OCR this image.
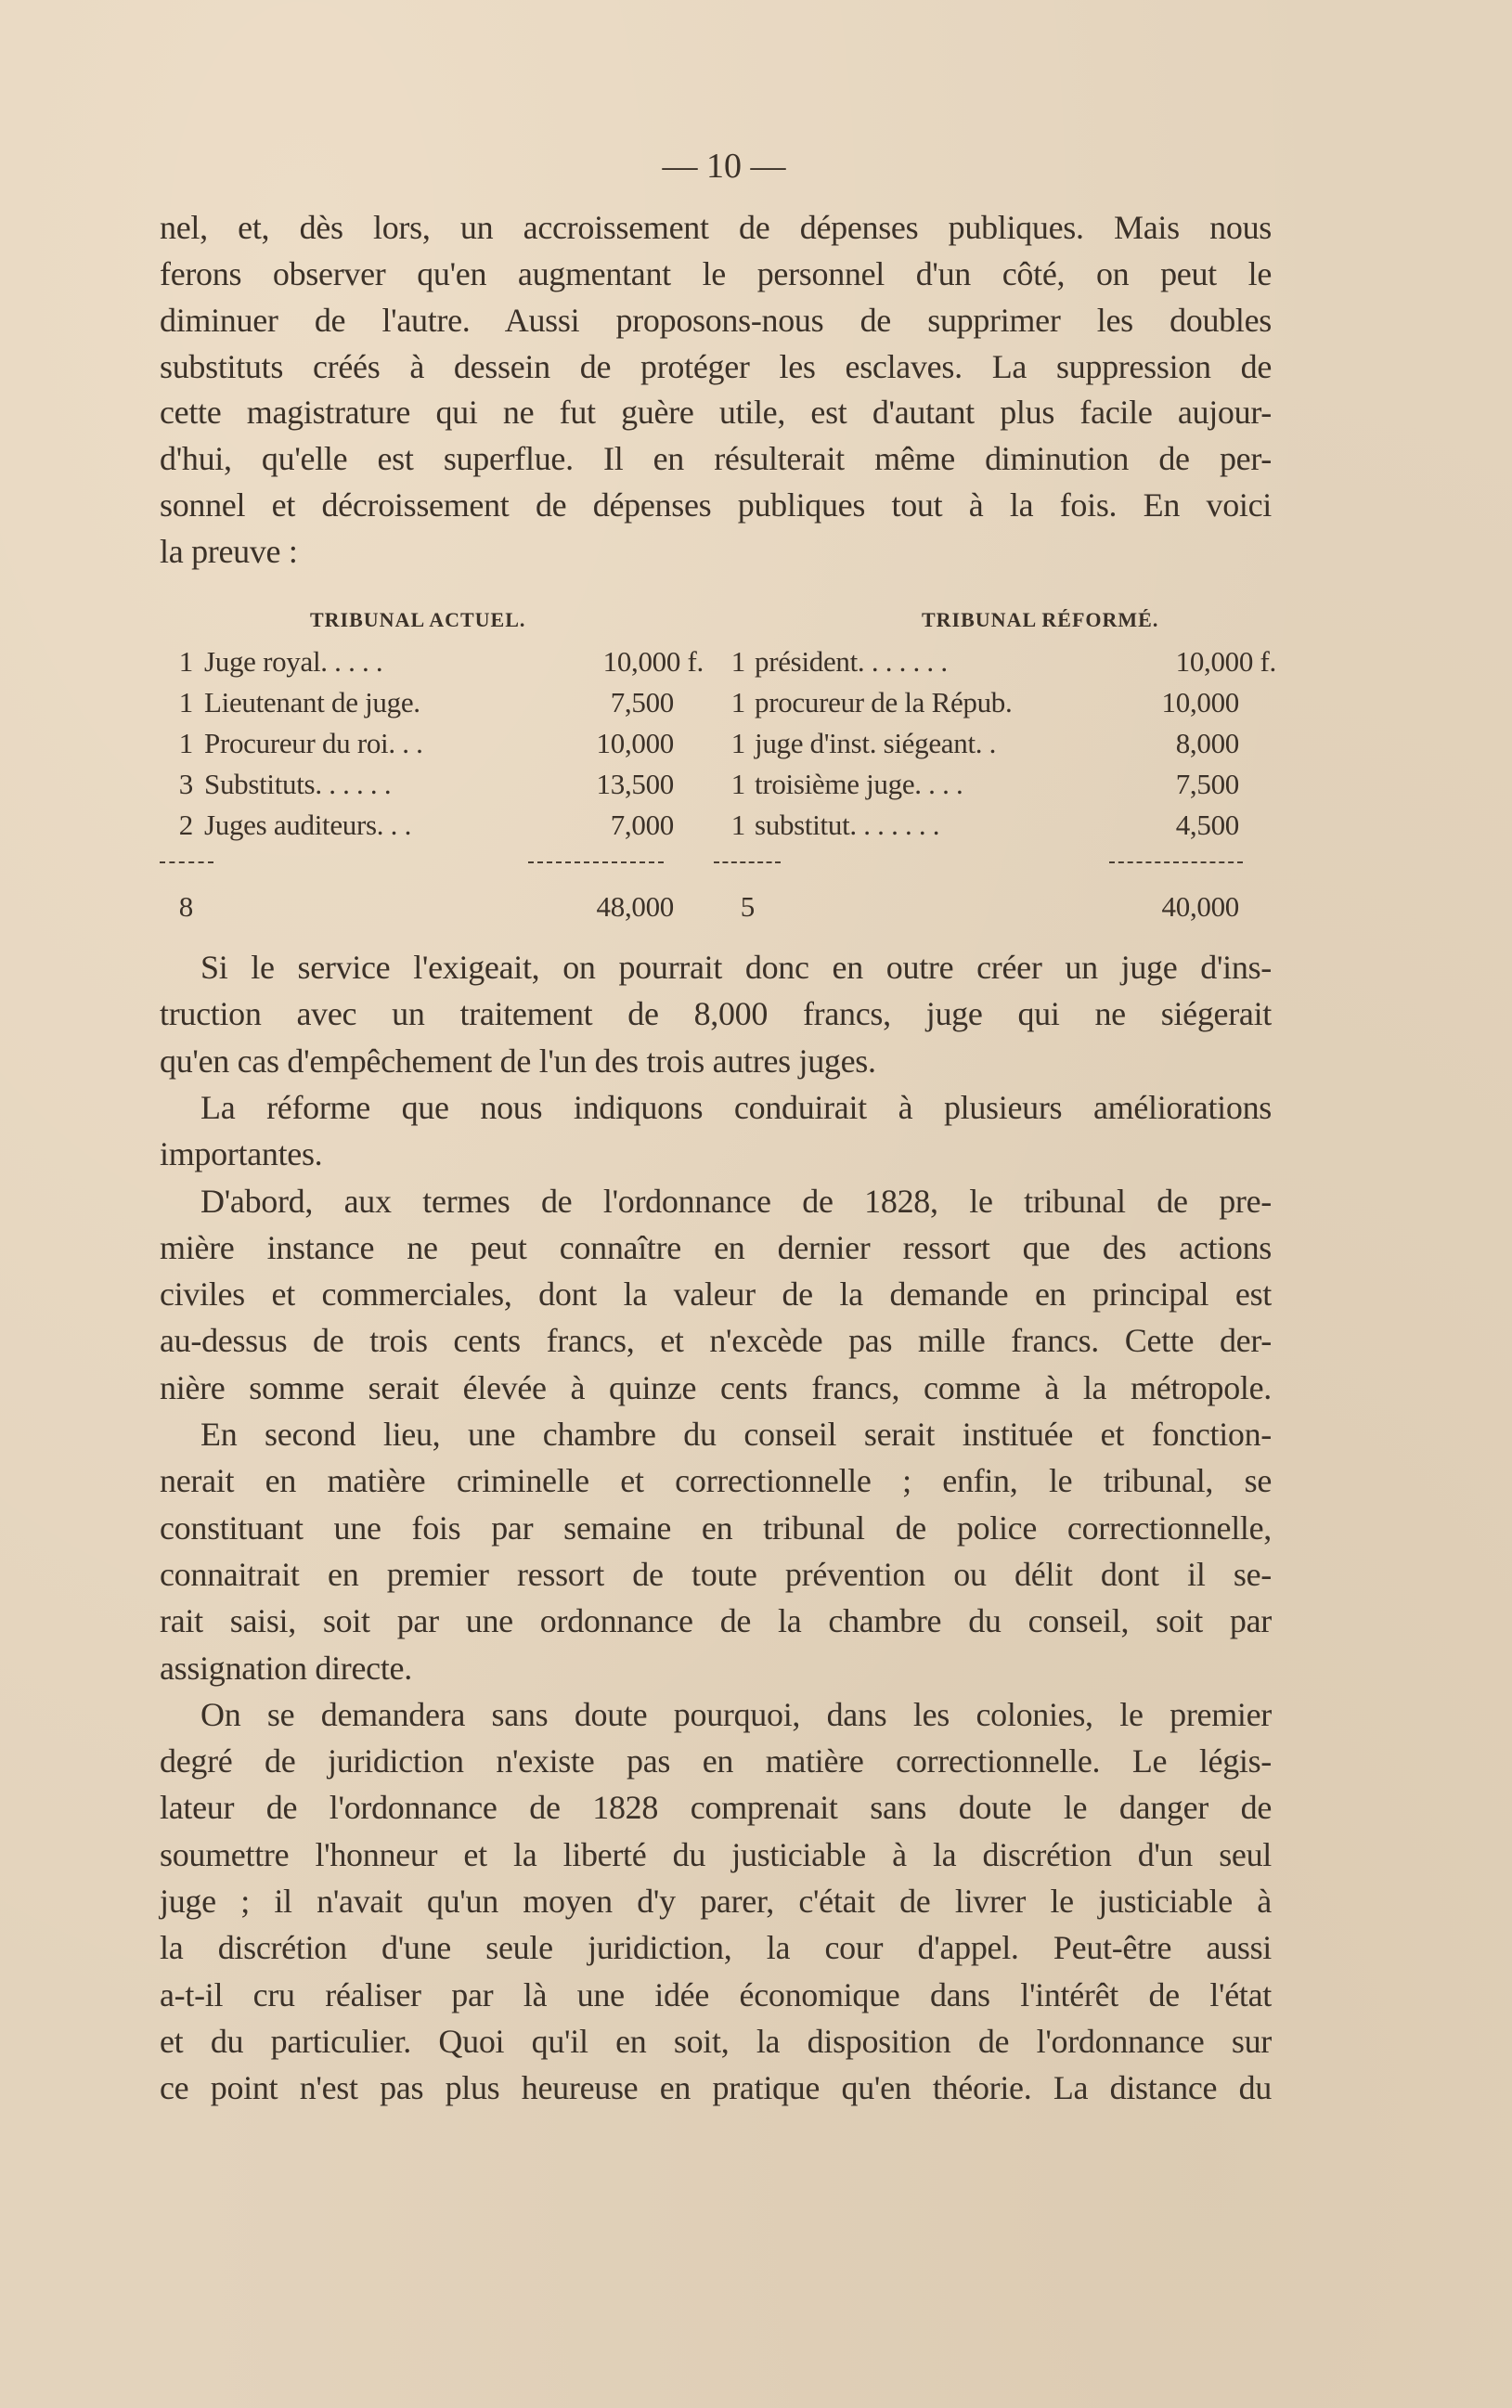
— 10 —
nel, et, dès lors, un accroissement de dépenses publiques. Mais nous
ferons observer qu'en augmentant le personnel d'un côté, on peut le
diminuer de l'autre. Aussi proposons-nous de supprimer les doubles
substituts créés à dessein de protéger les esclaves. La suppression de
cette magistrature qui ne fut guère utile, est d'autant plus facile aujour-
d'hui, qu'elle est superflue. Il en résulterait même diminution de per-
sonnel et décroissement de dépenses publiques tout à la fois. En voici
la preuve :
TRIBUNAL ACTUEL.
1 Juge royal. . . . .	10,000 f.
1 Lieutenant de juge.	7,500
1 Procureur du roi. . .	10,000
3 Substituts. . . . . .	13,500
2 Juges auditeurs. . .	7,000
8	48,000
TRIBUNAL RÉFORMÉ.
1 président. . . . . . .	10,000 f.
1 procureur de la Répub.	10,000
1 juge d'inst. siégeant. .	8,000
1 troisième juge. . . .	7,500
1 substitut. . . . . . .	4,500
5	40,000
Si le service l'exigeait, on pourrait donc en outre créer un juge d'ins-
truction avec un traitement de 8,000 francs, juge qui ne siégerait
qu'en cas d'empêchement de l'un des trois autres juges.
La réforme que nous indiquons conduirait à plusieurs améliorations
importantes.
D'abord, aux termes de l'ordonnance de 1828, le tribunal de pre-
mière instance ne peut connaître en dernier ressort que des actions
civiles et commerciales, dont la valeur de la demande en principal est
au-dessus de trois cents francs, et n'excède pas mille francs. Cette der-
nière somme serait élevée à quinze cents francs, comme à la métropole.
En second lieu, une chambre du conseil serait instituée et fonction-
nerait en matière criminelle et correctionnelle ; enfin, le tribunal, se
constituant une fois par semaine en tribunal de police correctionnelle,
connaitrait en premier ressort de toute prévention ou délit dont il se-
rait saisi, soit par une ordonnance de la chambre du conseil, soit par
assignation directe.
On se demandera sans doute pourquoi, dans les colonies, le premier
degré de juridiction n'existe pas en matière correctionnelle. Le légis-
lateur de l'ordonnance de 1828 comprenait sans doute le danger de
soumettre l'honneur et la liberté du justiciable à la discrétion d'un seul
juge ; il n'avait qu'un moyen d'y parer, c'était de livrer le justiciable à
la discrétion d'une seule juridiction, la cour d'appel. Peut-être aussi
a-t-il cru réaliser par là une idée économique dans l'intérêt de l'état
et du particulier. Quoi qu'il en soit, la disposition de l'ordonnance sur
ce point n'est pas plus heureuse en pratique qu'en théorie. La distance du
